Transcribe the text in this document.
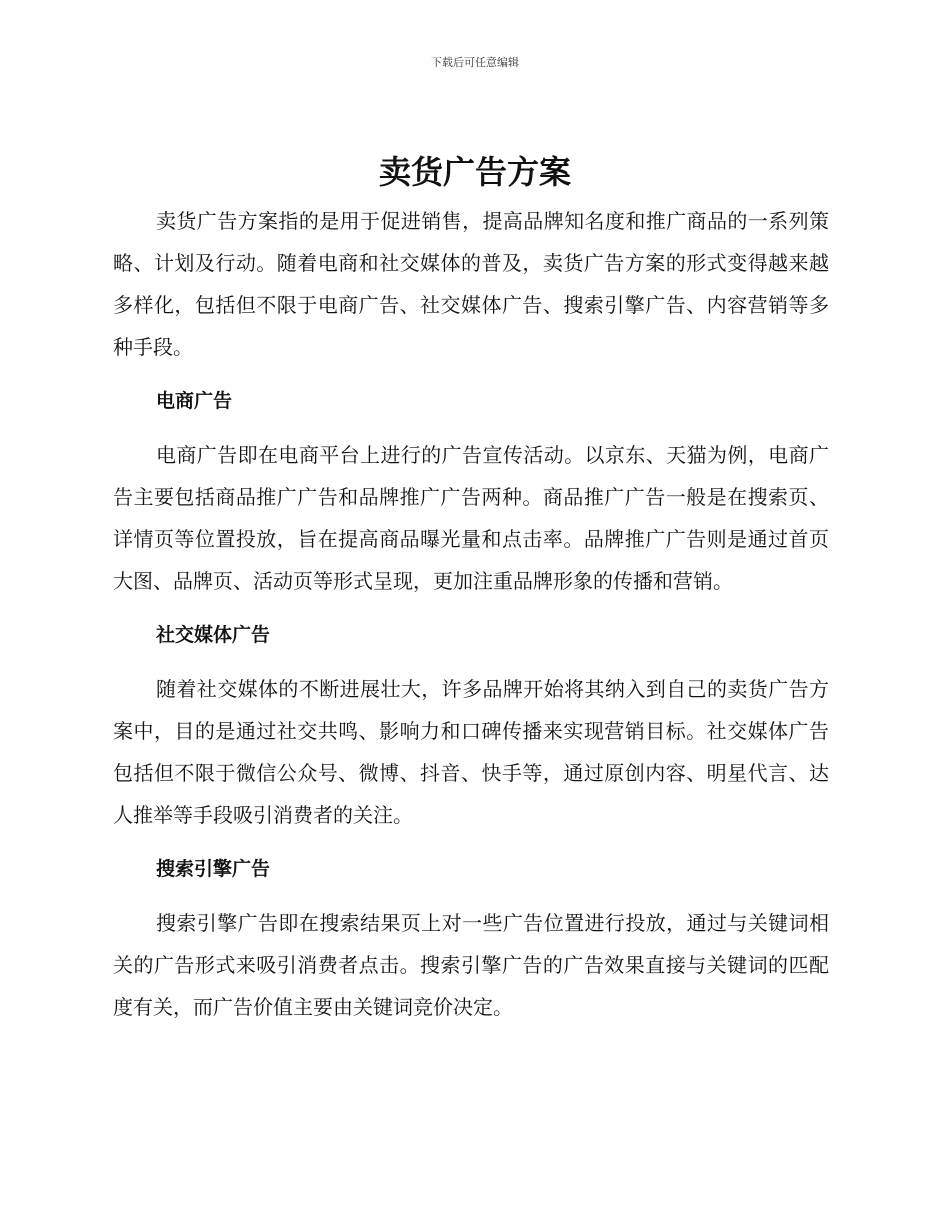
下载后可任意编辑
卖货广告方案

卖货广告方案指的是用于促进销售，提高品牌知名度和推广商品的一系列策略、计划及行动。随着电商和社交媒体的普及，卖货广告方案的形式变得越来越多样化，包括但不限于电商广告、社交媒体广告、搜索引擎广告、内容营销等多种手段。

电商广告

电商广告即在电商平台上进行的广告宣传活动。以京东、天猫为例，电商广告主要包括商品推广广告和品牌推广广告两种。商品推广广告一般是在搜索页、详情页等位置投放，旨在提高商品曝光量和点击率。品牌推广广告则是通过首页大图、品牌页、活动页等形式呈现，更加注重品牌形象的传播和营销。

社交媒体广告

随着社交媒体的不断进展壮大，许多品牌开始将其纳入到自己的卖货广告方案中，目的是通过社交共鸣、影响力和口碑传播来实现营销目标。社交媒体广告包括但不限于微信公众号、微博、抖音、快手等，通过原创内容、明星代言、达人推举等手段吸引消费者的关注。

搜索引擎广告

搜索引擎广告即在搜索结果页上对一些广告位置进行投放，通过与关键词相关的广告形式来吸引消费者点击。搜索引擎广告的广告效果直接与关键词的匹配度有关，而广告价值主要由关键词竞价决定。
